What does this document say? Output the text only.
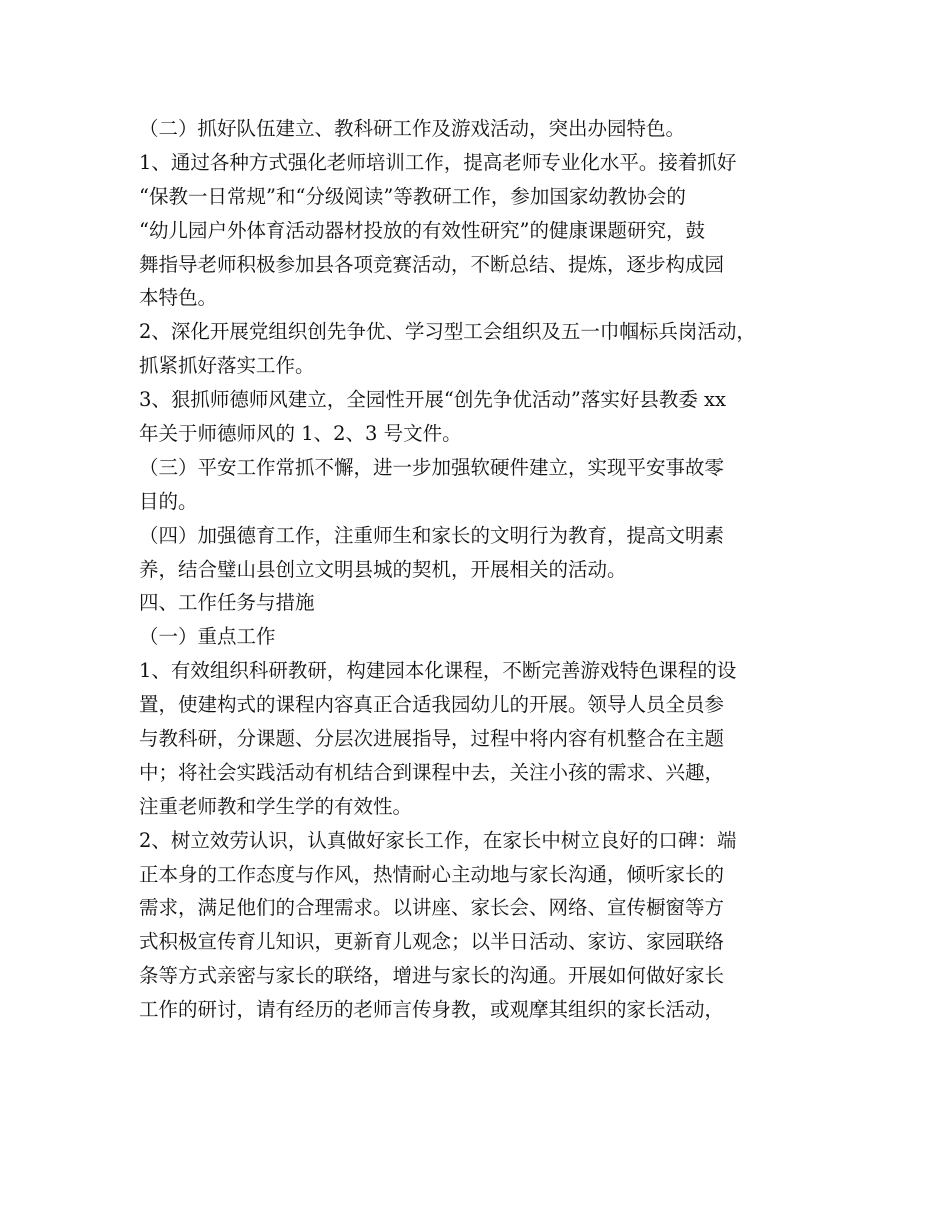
（二）抓好队伍建立、教科研工作及游戏活动，突出办园特色。
1、通过各种方式强化老师培训工作，提高老师专业化水平。接着抓好
“保教一日常规”和“分级阅读”等教研工作，参加国家幼教协会的
“幼儿园户外体育活动器材投放的有效性研究”的健康课题研究，鼓
舞指导老师积极参加县各项竞赛活动，不断总结、提炼，逐步构成园
本特色。
2、深化开展党组织创先争优、学习型工会组织及五一巾帼标兵岗活动，
抓紧抓好落实工作。
3、狠抓师德师风建立，全园性开展“创先争优活动”落实好县教委 xx
年关于师德师风的 1、2、3 号文件。
（三）平安工作常抓不懈，进一步加强软硬件建立，实现平安事故零
目的。
（四）加强德育工作，注重师生和家长的文明行为教育，提高文明素
养，结合璧山县创立文明县城的契机，开展相关的活动。
四、工作任务与措施
（一）重点工作
1、有效组织科研教研，构建园本化课程，不断完善游戏特色课程的设
置，使建构式的课程内容真正合适我园幼儿的开展。领导人员全员参
与教科研，分课题、分层次进展指导，过程中将内容有机整合在主题
中；将社会实践活动有机结合到课程中去，关注小孩的需求、兴趣，
注重老师教和学生学的有效性。
2、树立效劳认识，认真做好家长工作，在家长中树立良好的口碑：端
正本身的工作态度与作风，热情耐心主动地与家长沟通，倾听家长的
需求，满足他们的合理需求。以讲座、家长会、网络、宣传橱窗等方
式积极宣传育儿知识，更新育儿观念；以半日活动、家访、家园联络
条等方式亲密与家长的联络，增进与家长的沟通。开展如何做好家长
工作的研讨，请有经历的老师言传身教，或观摩其组织的家长活动，
